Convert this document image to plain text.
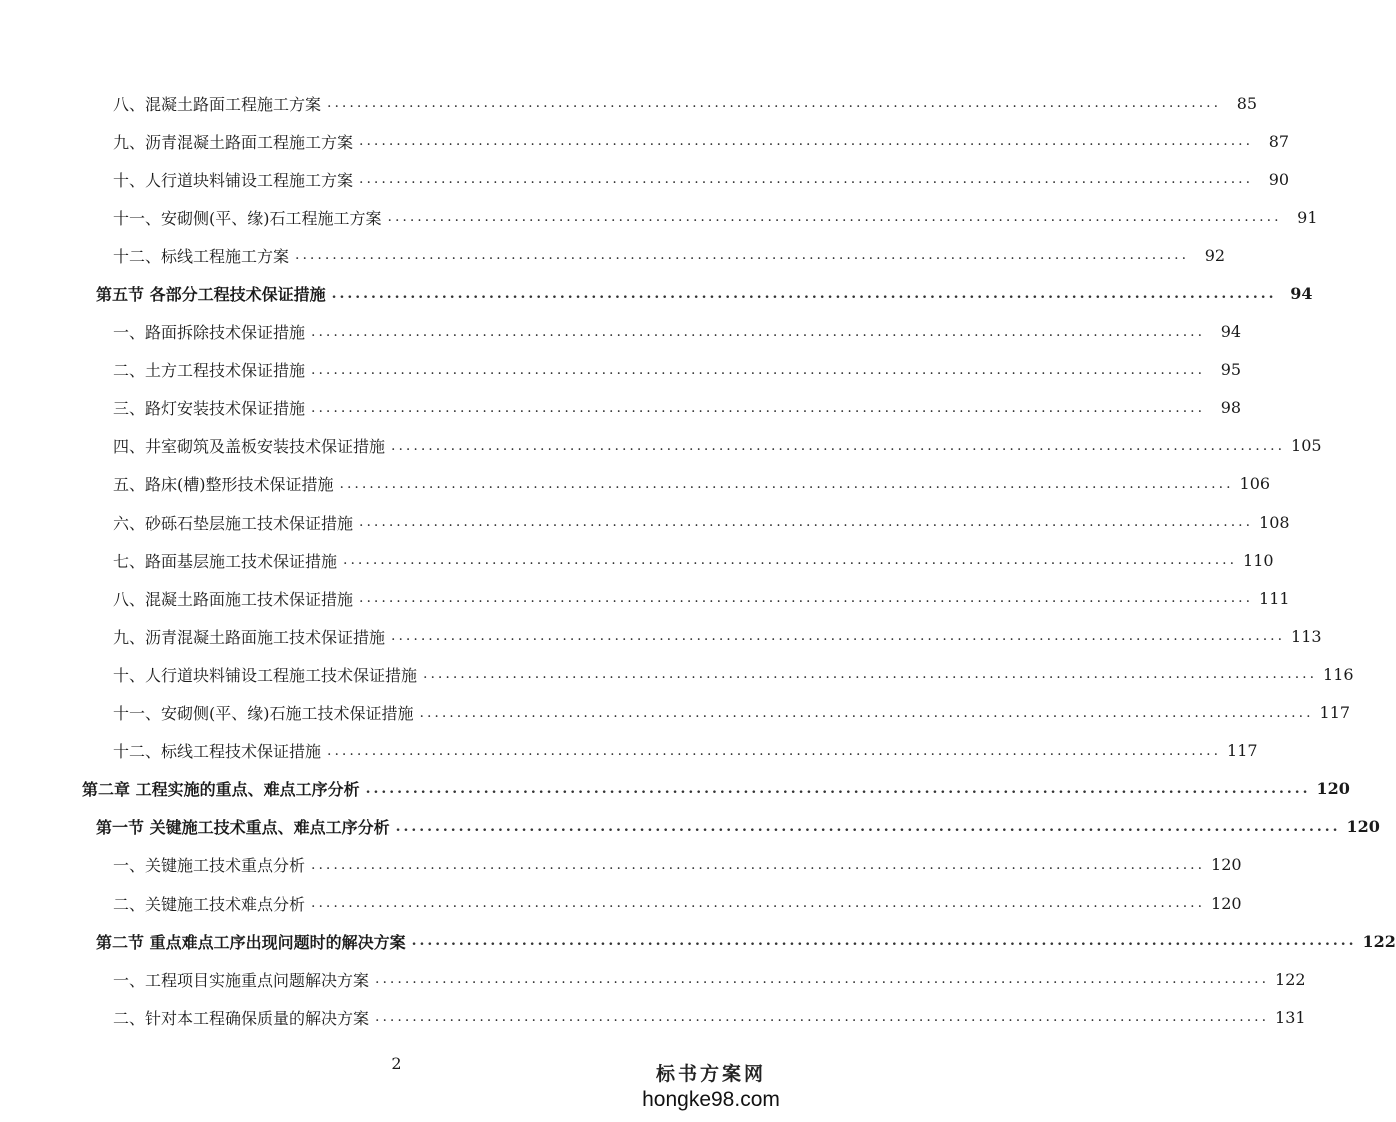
八、混凝土路面工程施工方案 ........................................................................................................................ 85
九、沥青混凝土路面工程施工方案 ........................................................................................................................ 87
十、人行道块料铺设工程施工方案 ........................................................................................................................ 90
十一、安砌侧(平、缘)石工程施工方案 ........................................................................................................................ 91
十二、标线工程施工方案 ........................................................................................................................ 92
第五节 各部分工程技术保证措施 ........................................................................................................................ 94
一、路面拆除技术保证措施 ........................................................................................................................ 94
二、土方工程技术保证措施 ........................................................................................................................ 95
三、路灯安装技术保证措施 ........................................................................................................................ 98
四、井室砌筑及盖板安装技术保证措施 ........................................................................................................................ 105
五、路床(槽)整形技术保证措施 ........................................................................................................................ 106
六、砂砾石垫层施工技术保证措施 ........................................................................................................................ 108
七、路面基层施工技术保证措施 ........................................................................................................................ 110
八、混凝土路面施工技术保证措施 ........................................................................................................................ 111
九、沥青混凝土路面施工技术保证措施 ........................................................................................................................ 113
十、人行道块料铺设工程施工技术保证措施 ........................................................................................................................ 116
十一、安砌侧(平、缘)石施工技术保证措施 ........................................................................................................................ 117
十二、标线工程技术保证措施 ........................................................................................................................ 117
第二章 工程实施的重点、难点工序分析 ........................................................................................................................ 120
第一节 关键施工技术重点、难点工序分析 ........................................................................................................................ 120
一、关键施工技术重点分析 ........................................................................................................................ 120
二、关键施工技术难点分析 ........................................................................................................................ 120
第二节 重点难点工序出现问题时的解决方案 ........................................................................................................................ 122
一、工程项目实施重点问题解决方案 ........................................................................................................................ 122
二、针对本工程确保质量的解决方案 ........................................................................................................................ 131
2
标书方案网
hongke98.com
